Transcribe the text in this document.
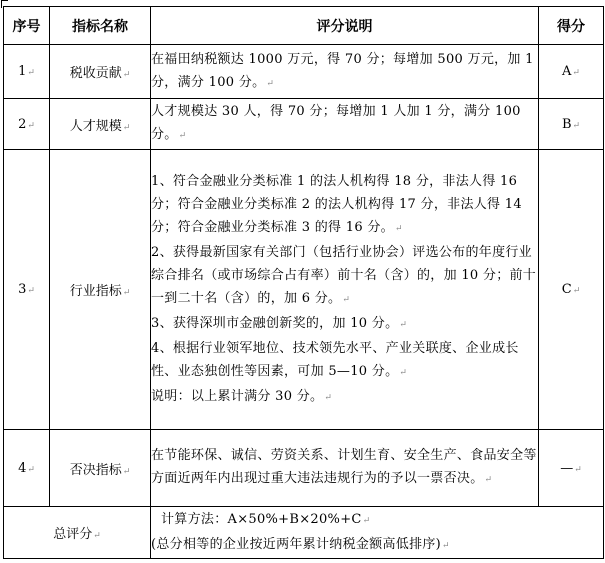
序号	指标名称	评分说明	得分
1↵	税收贡献↵	在福田纳税额达 1000 万元，得 70 分；每增加 500 万元，加 1 分，满分 100 分。↵	A↵
2↵	人才规模↵	人才规模达 30 人，得 70 分；每增加 1 人加 1 分，满分 100 分。↵	B↵
3↵	行业指标↵	1、符合金融业分类标准 1 的法人机构得 18 分，非法人得 16 分；符合金融业分类标准 2 的法人机构得 17 分，非法人得 14 分；符合金融业分类标准 3 的得 16 分。↵
2、获得最新国家有关部门（包括行业协会）评选公布的年度行业综合排名（或市场综合占有率）前十名（含）的，加 10 分；前十一到二十名（含）的，加 6 分。↵
3、获得深圳市金融创新奖的，加 10 分。↵
4、根据行业领军地位、技术领先水平、产业关联度、企业成长性、业态独创性等因素，可加 5—10 分。↵
说明：以上累计满分 30 分。↵	C↵
4↵	否决指标↵	在节能环保、诚信、劳资关系、计划生育、安全生产、食品安全等方面近两年内出现过重大违法违规行为的予以一票否决。↵	—↵
总评分↵		计算方法：A×50%+B×20%+C↵
(总分相等的企业按近两年累计纳税金额高低排序)↵	
